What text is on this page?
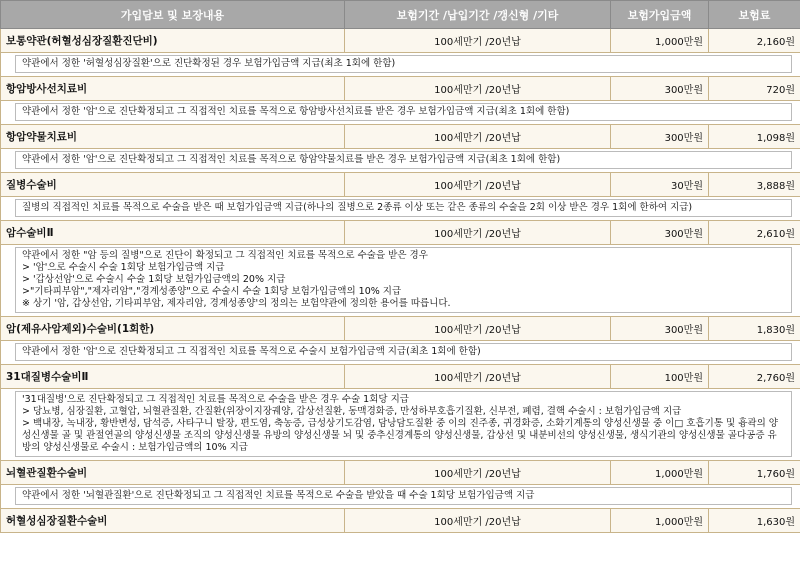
가입담보 및 보장내용	보험기간 /납입기간 /갱신형 /기타	보험가입금액	보험료
보통약관(허혈성심장질환진단비)	100세만기 /20년납	1,000만원	2,160원

약관에서 정한 '허혈성심장질환'으로 진단확정된 경우 보험가입금액 지급(최초 1회에 한함)			

항암방사선치료비	100세만기 /20년납	300만원	720원

약관에서 정한 '암'으로 진단확정되고 그 직접적인 치료를 목적으로 항암방사선치료를 받은 경우 보험가입금액 지급(최초 1회에 한함)			

항암약물치료비	100세만기 /20년납	300만원	1,098원

약관에서 정한 '암'으로 진단확정되고 그 직접적인 치료를 목적으로 항암약물치료를 받은 경우 보험가입금액 지급(최초 1회에 한함)			

질병수술비	100세만기 /20년납	30만원	3,888원

질병의 직접적인 치료를 목적으로 수술을 받은 때 보험가입금액 지급(하나의 질병으로 2종류 이상 또는 같은 종류의 수술을 2회 이상 받은 경우 1회에 한하여 지급)			

암수술비Ⅱ	100세만기 /20년납	300만원	2,610원

약관에서 정한 "암 등의 질병"으로 진단이 확정되고 그 직접적인 치료를 목적으로 수술을 받은 경우
> '암'으로 수술시 수술 1회당 보험가입금액 지급
> '갑상선암'으로 수술시 수술 1회당 보험가입금액의 20% 지급
>"기타피부암","제자리암","경계성종양"으로 수술시 수술 1회당 보험가입금액의 10% 지급
※ 상기 '암, 갑상선암, 기타피부암, 제자리암, 경계성종양'의 정의는 보험약관에 정의한 용어를 따릅니다.			

암(제유사암제외)수술비(1회한)	100세만기 /20년납	300만원	1,830원

약관에서 정한 '암'으로 진단확정되고 그 직접적인 치료를 목적으로 수술시 보험가입금액 지급(최초 1회에 한함)			

31대질병수술비Ⅱ	100세만기 /20년납	100만원	2,760원

'31대질병'으로 진단확정되고 그 직접적인 치료를 목적으로 수술을 받은 경우 수술 1회당 지급
> 당뇨병, 심장질환, 고혈압, 뇌혈관질환, 간질환(위장이지장궤양, 갑상선질환, 동맥경화증, 만성하부호흡기질환, 신부전, 폐렴, 결핵 수술시 : 보험가입금액 지급
> 백내장, 녹내장, 황반변성, 담석증, 사타구니 탈장, 편도염, 축농증, 급성상기도감염, 담낭담도질환 중 이의 진주종, 귀경화증, 소화기계통의 양성신생물 중 이□ 호흡기통 및 흉곽의 양성신생물 골 및 관절연골의 양성신생물 조직의 양성신생물 유방의 양성신생물 뇌 및 중추신경계통의 양성신생물, 갑상선 및 내분비선의 양성신생물, 생식기관의 양성신생물 골다공증 유방의 양성신생물로 수술시 : 보험가입금액의 10% 지급			

뇌혈관질환수술비	100세만기 /20년납	1,000만원	1,760원

약관에서 정한 '뇌혈관질환'으로 진단확정되고 그 직접적인 치료를 목적으로 수술을 받았을 때 수술 1회당 보험가입금액 지급			

허혈성심장질환수술비	100세만기 /20년납	1,000만원	1,630원
